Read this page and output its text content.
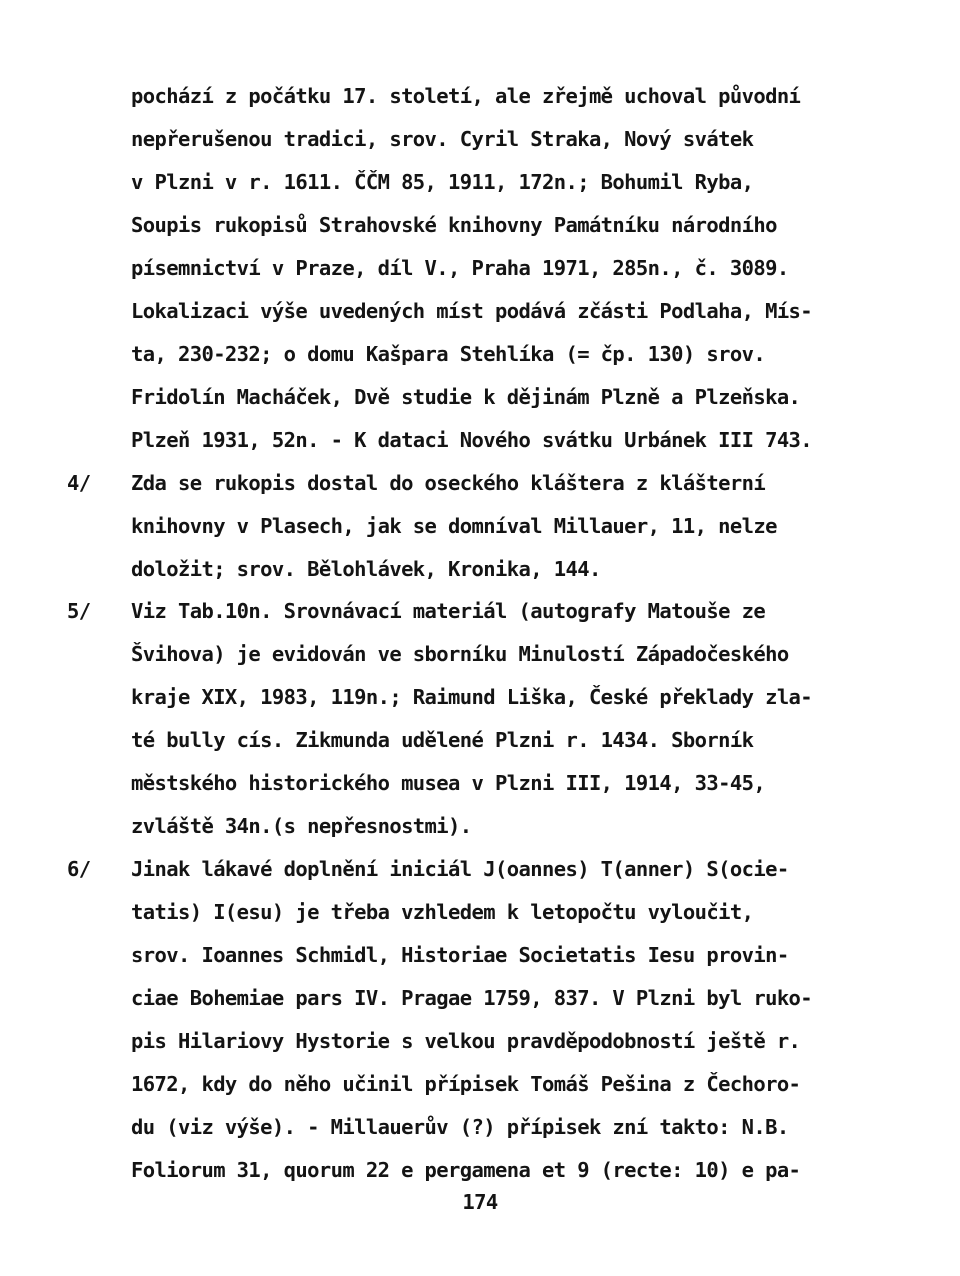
pochází z počátku 17. století, ale zřejmě uchoval původní
nepřerušenou tradici, srov. Cyril Straka, Nový svátek
v Plzni v r. 1611. ČČM 85, 1911, 172n.; Bohumil Ryba,
Soupis rukopisů Strahovské knihovny Památníku národního
písemnictví v Praze, díl V., Praha 1971, 285n., č. 3089.
Lokalizaci výše uvedených míst podává zčásti Podlaha, Mís-
ta, 230-232; o domu Kašpara Stehlíka (= čp. 130) srov.
Fridolín Macháček, Dvě studie k dějinám Plzně a Plzeňska.
Plzeň 1931, 52n. - K dataci Nového svátku Urbánek III 743.
4/ Zda se rukopis dostal do oseckého kláštera z klášterní
knihovny v Plasech, jak se domníval Millauer, 11, nelze
doložit; srov. Bělohlávek, Kronika, 144.
5/ Viz Tab.10n. Srovnávací materiál (autografy Matouše ze
Švihova) je evidován ve sborníku Minulostí Západočeského
kraje XIX, 1983, 119n.; Raimund Liška, České překlady zla-
té bully cís. Zikmunda udělené Plzni r. 1434. Sborník
městského historického musea v Plzni III, 1914, 33-45,
zvláště 34n.(s nepřesnostmi).
6/ Jinak lákavé doplnění iniciál J(oannes) T(anner) S(ocie-
tatis) I(esu) je třeba vzhledem k letopočtu vyloučit,
srov. Ioannes Schmidl, Historiae Societatis Iesu provin-
ciae Bohemiae pars IV. Pragae 1759, 837. V Plzni byl ruko-
pis Hilariovy Hystorie s velkou pravděpodobností ještě r.
1672, kdy do něho učinil přípisek Tomáš Pešina z Čechoro-
du (viz výše). - Millauerův (?) přípisek zní takto: N.B.
Foliorum 31, quorum 22 e pergamena et 9 (recte: 10) e pa-
174
